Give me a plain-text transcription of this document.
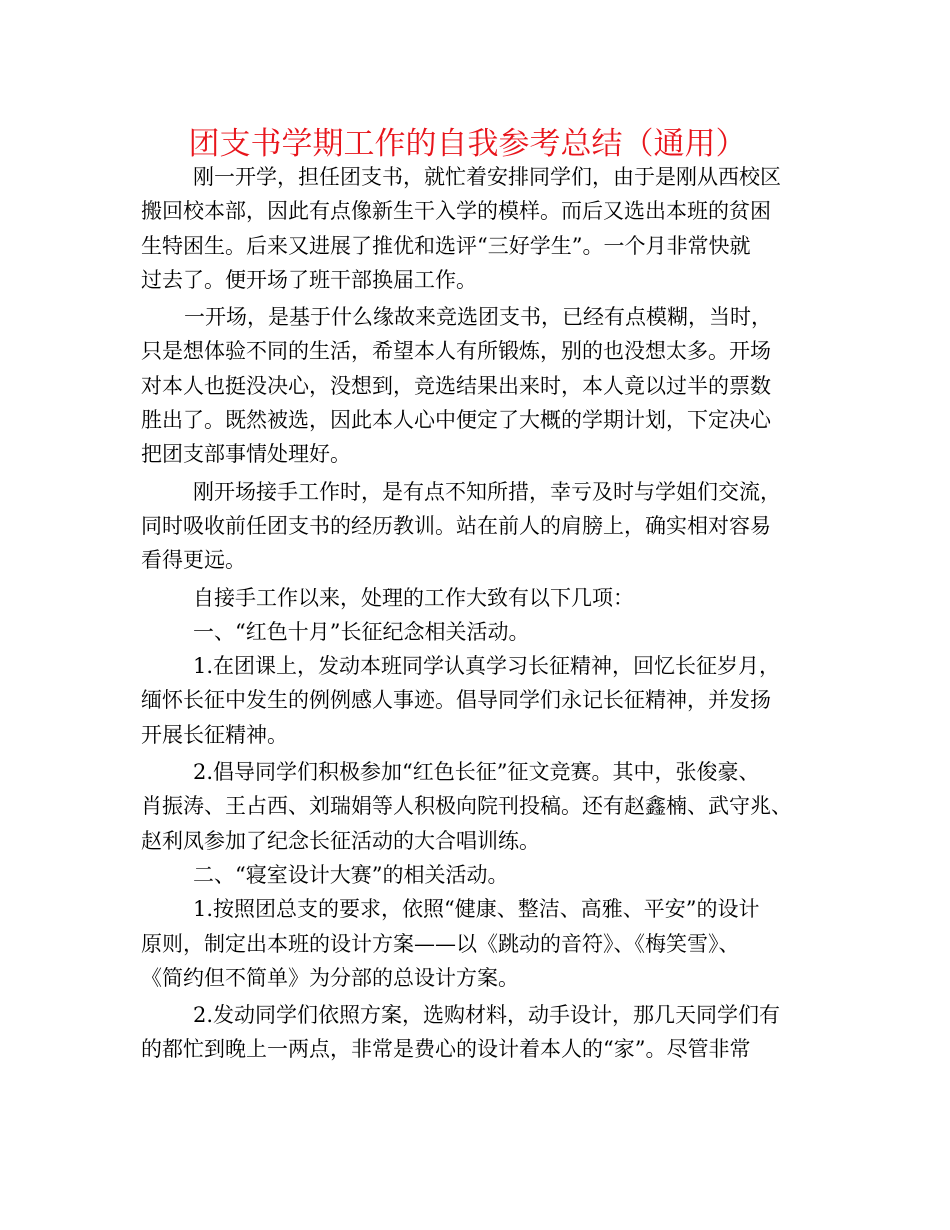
团支书学期工作的自我参考总结（通用）
刚一开学，担任团支书，就忙着安排同学们，由于是刚从西校区
搬回校本部，因此有点像新生干入学的模样。而后又选出本班的贫困
生特困生。后来又进展了推优和选评“三好学生”。一个月非常快就
过去了。便开场了班干部换届工作。
一开场，是基于什么缘故来竞选团支书，已经有点模糊，当时，
只是想体验不同的生活，希望本人有所锻炼，别的也没想太多。开场
对本人也挺没决心，没想到，竞选结果出来时，本人竟以过半的票数
胜出了。既然被选，因此本人心中便定了大概的学期计划，下定决心
把团支部事情处理好。
刚开场接手工作时，是有点不知所措，幸亏及时与学姐们交流，
同时吸收前任团支书的经历教训。站在前人的肩膀上，确实相对容易
看得更远。
自接手工作以来，处理的工作大致有以下几项：
一、“红色十月”长征纪念相关活动。
1.在团课上，发动本班同学认真学习长征精神，回忆长征岁月，
缅怀长征中发生的例例感人事迹。倡导同学们永记长征精神，并发扬
开展长征精神。
2.倡导同学们积极参加“红色长征”征文竞赛。其中，张俊豪、
肖振涛、王占西、刘瑞娟等人积极向院刊投稿。还有赵鑫楠、武守兆、
赵利凤参加了纪念长征活动的大合唱训练。
二、“寝室设计大赛”的相关活动。
1.按照团总支的要求，依照“健康、整洁、高雅、平安”的设计
原则，制定出本班的设计方案——以《跳动的音符》、《梅笑雪》、
《简约但不简单》为分部的总设计方案。
2.发动同学们依照方案，选购材料，动手设计，那几天同学们有
的都忙到晚上一两点，非常是费心的设计着本人的“家”。尽管非常
